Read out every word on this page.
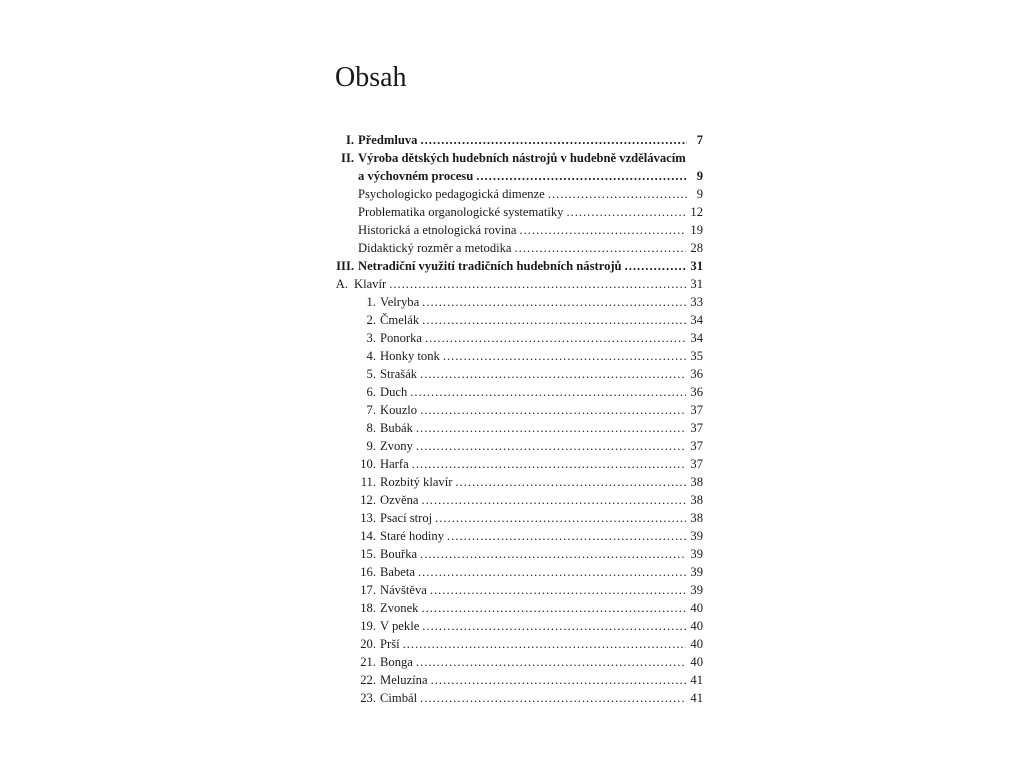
Obsah
I. Předmluva .....	7
II. Výroba dětských hudebních nástrojů v hudebně vzdělávacím
a výchovném procesu .....	9
Psychologicko pedagogická dimenze .....	9
Problematika organologické systematiky .....	12
Historická a etnologická rovina .....	19
Didaktický rozměr a metodika .....	28
III. Netradiční využití tradičních hudebních nástrojů .....	31
A. Klavír .....	31
1. Velryba .....	33
2. Čmelák .....	34
3. Ponorka .....	34
4. Honky tonk .....	35
5. Strašák .....	36
6. Duch .....	36
7. Kouzlo .....	37
8. Bubák .....	37
9. Zvony .....	37
10. Harfa .....	37
11. Rozbitý klavír .....	38
12. Ozvěna .....	38
13. Psací stroj .....	38
14. Staré hodiny .....	39
15. Bouřka .....	39
16. Babeta .....	39
17. Návštěva .....	39
18. Zvonek .....	40
19. V pekle .....	40
20. Prší .....	40
21. Bonga .....	40
22. Meluzína .....	41
23. Cimbál .....	41
